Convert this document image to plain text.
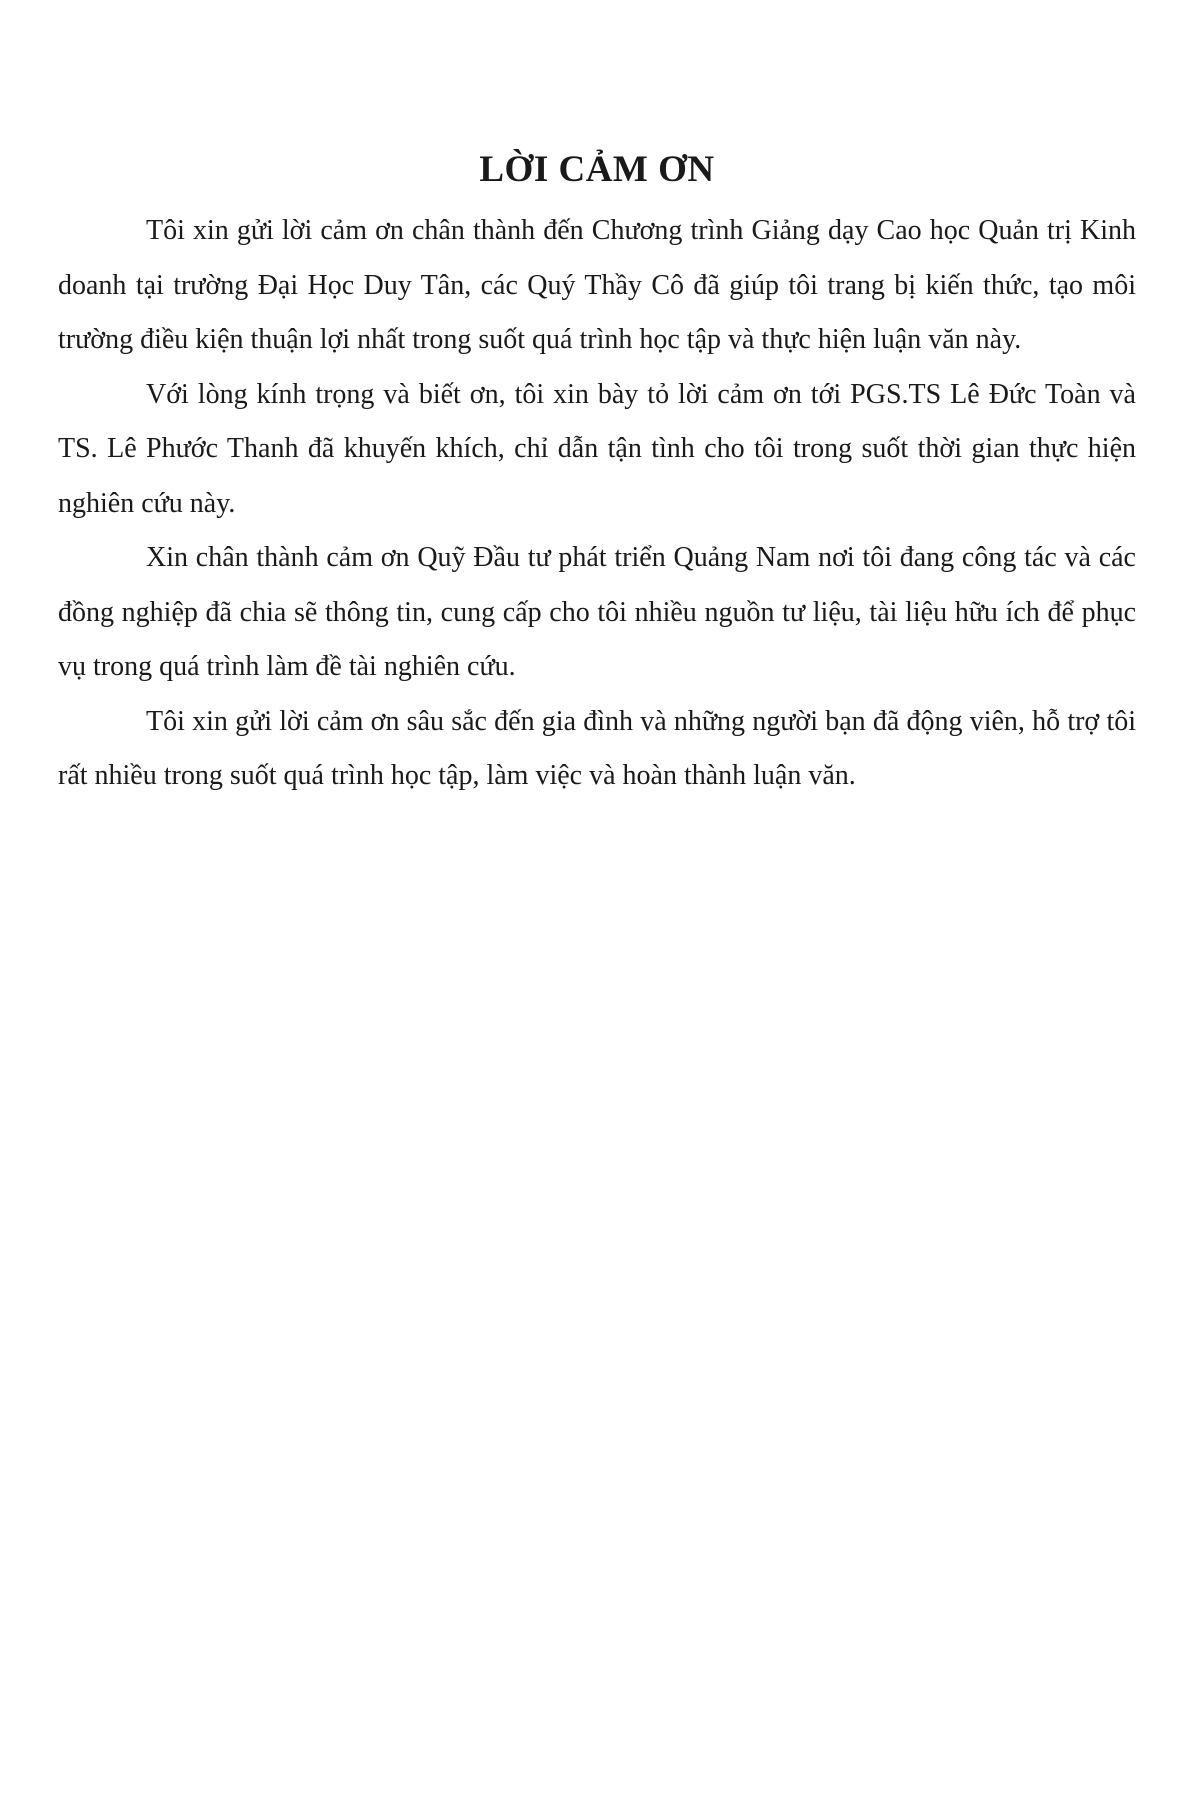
LỜI CẢM ƠN

Tôi xin gửi lời cảm ơn chân thành đến Chương trình Giảng dạy Cao học Quản trị Kinh doanh tại trường Đại Học Duy Tân, các Quý Thầy Cô đã giúp tôi trang bị kiến thức, tạo môi trường điều kiện thuận lợi nhất trong suốt quá trình học tập và thực hiện luận văn này.

Với lòng kính trọng và biết ơn, tôi xin bày tỏ lời cảm ơn tới PGS.TS Lê Đức Toàn và TS. Lê Phước Thanh đã khuyến khích, chỉ dẫn tận tình cho tôi trong suốt thời gian thực hiện nghiên cứu này.

Xin chân thành cảm ơn Quỹ Đầu tư phát triển Quảng Nam nơi tôi đang công tác và các đồng nghiệp đã chia sẽ thông tin, cung cấp cho tôi nhiều nguồn tư liệu, tài liệu hữu ích để phục vụ trong quá trình làm đề tài nghiên cứu.

Tôi xin gửi lời cảm ơn sâu sắc đến gia đình và những người bạn đã động viên, hỗ trợ tôi rất nhiều trong suốt quá trình học tập, làm việc và hoàn thành luận văn.
